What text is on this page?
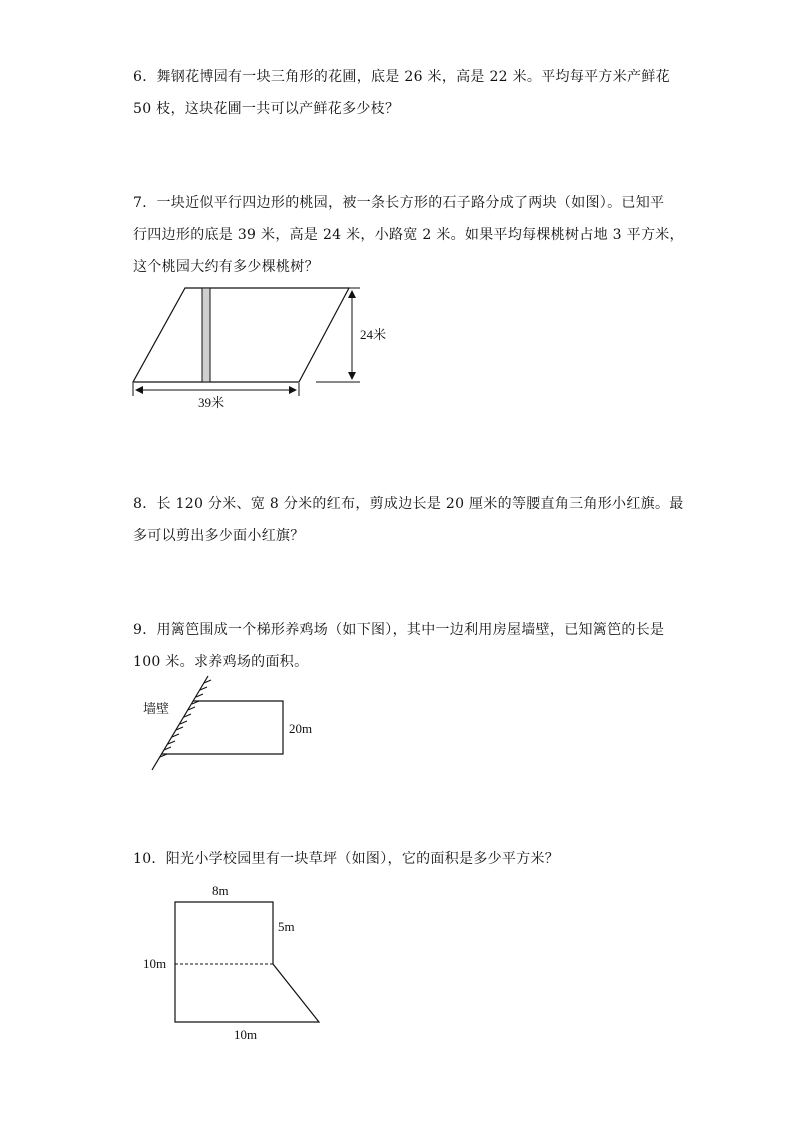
6．舞钢花博园有一块三角形的花圃，底是 26 米，高是 22 米。平均每平方米产鲜花
50 枝，这块花圃一共可以产鲜花多少枝？
7．一块近似平行四边形的桃园，被一条长方形的石子路分成了两块（如图）。已知平
行四边形的底是 39 米，高是 24 米，小路宽 2 米。如果平均每棵桃树占地 3 平方米，
这个桃园大约有多少棵桃树？
8．长 120 分米、宽 8 分米的红布，剪成边长是 20 厘米的等腰直角三角形小红旗。最
多可以剪出多少面小红旗？
9．用篱笆围成一个梯形养鸡场（如下图），其中一边利用房屋墙壁，已知篱笆的长是
100 米。求养鸡场的面积。
10．阳光小学校园里有一块草坪（如图），它的面积是多少平方米？
24米
39米
墙壁
20m
8m
5m
10m
10m
